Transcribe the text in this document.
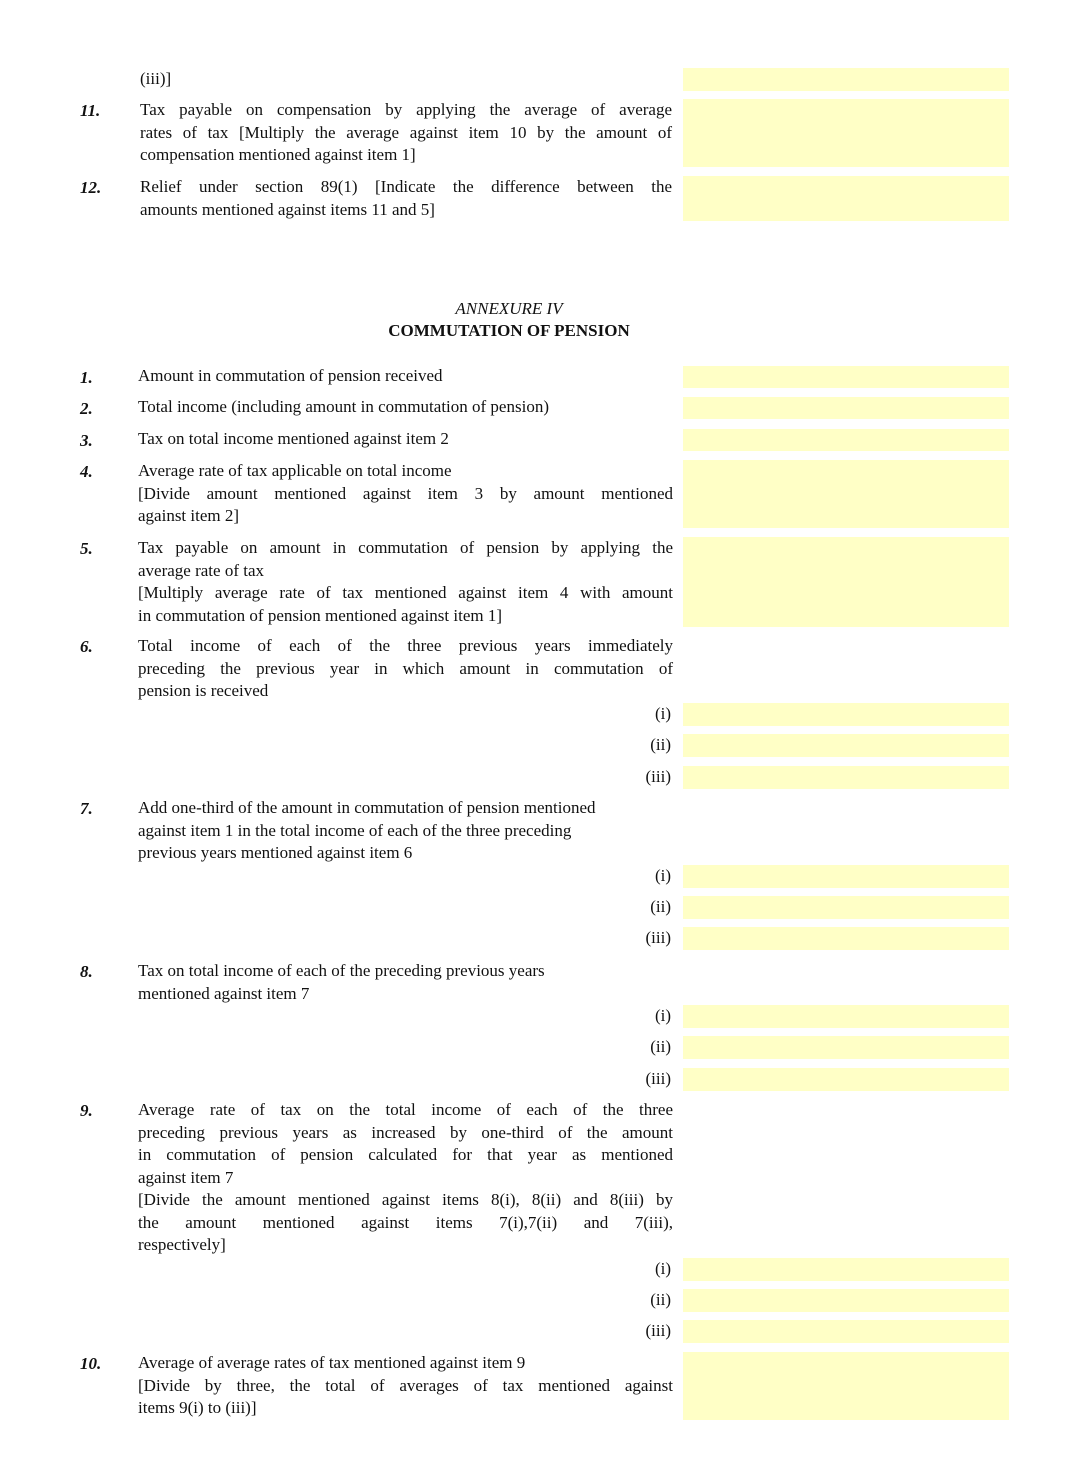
(iii)]
11.	Tax payable on compensation by applying the average of average
rates of tax [Multiply the average against item 10 by the amount of
compensation mentioned against item 1]
12.	Relief under section 89(1) [Indicate the difference between the
amounts mentioned against items 11 and 5]
ANNEXURE IV
COMMUTATION OF PENSION
1.	Amount in commutation of pension received
2.	Total income (including amount in commutation of pension)
3.	Tax on total income mentioned against item 2
4.	Average rate of tax applicable on total income
[Divide amount mentioned against item 3 by amount mentioned
against item 2]
5.	Tax payable on amount in commutation of pension by applying the
average rate of tax
[Multiply average rate of tax mentioned against item 4 with amount
in commutation of pension mentioned against item 1]
6.	Total income of each of the three previous years immediately
preceding the previous year in which amount in commutation of
pension is received
(i)
(ii)
(iii)
7.	Add one-third of the amount in commutation of pension mentioned
against item 1 in the total income of each of the three preceding
previous years mentioned against item 6
(i)
(ii)
(iii)
8.	Tax on total income of each of the preceding previous years
mentioned against item 7
(i)
(ii)
(iii)
9.	Average rate of tax on the total income of each of the three
preceding previous years as increased by one-third of the amount
in commutation of pension calculated for that year as mentioned
against item 7
[Divide the amount mentioned against items 8(i), 8(ii) and 8(iii) by
the amount mentioned against items 7(i),7(ii) and 7(iii),
respectively]
(i)
(ii)
(iii)
10.	Average of average rates of tax mentioned against item 9
[Divide by three, the total of averages of tax mentioned against
items 9(i) to (iii)]
